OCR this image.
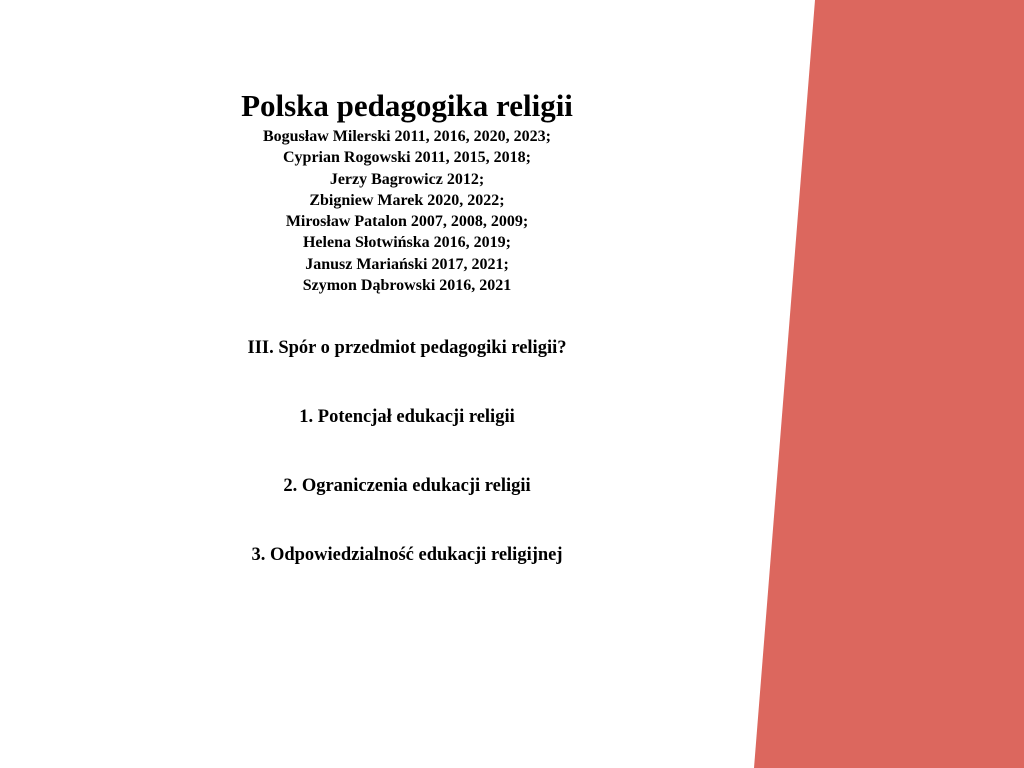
Polska pedagogika religii
Bogusław Milerski 2011, 2016, 2020, 2023;
Cyprian Rogowski 2011, 2015, 2018;
Jerzy Bagrowicz 2012;
Zbigniew Marek 2020, 2022;
Mirosław Patalon 2007, 2008, 2009;
Helena Słotwińska 2016, 2019;
Janusz Mariański 2017, 2021;
Szymon Dąbrowski 2016, 2021

III. Spór o przedmiot pedagogiki religii?

1. Potencjał edukacji religii

2. Ograniczenia edukacji religii

3. Odpowiedzialność edukacji religijnej
